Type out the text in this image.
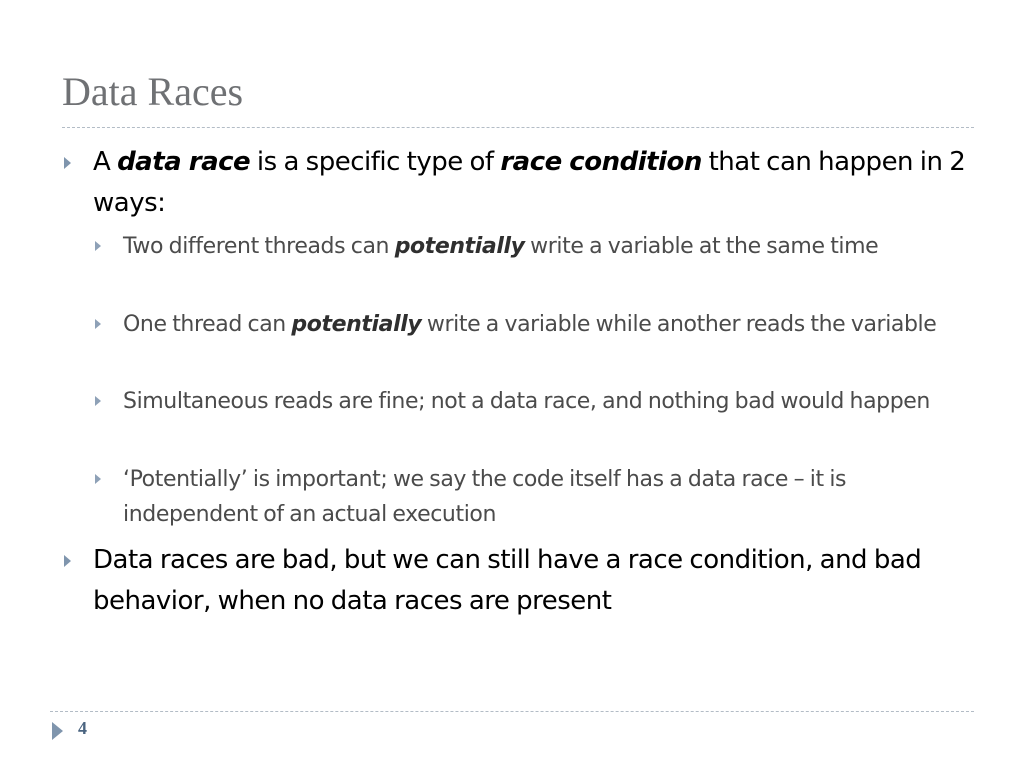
Data Races
A data race is a specific type of race condition that can happen in 2 ways:
Two different threads can potentially write a variable at the same time
One thread can potentially write a variable while another reads the variable
Simultaneous reads are fine; not a data race, and nothing bad would happen
‘Potentially’ is important; we say the code itself has a data race – it is independent of an actual execution
Data races are bad, but we can still have a race condition, and bad behavior, when no data races are present
4
